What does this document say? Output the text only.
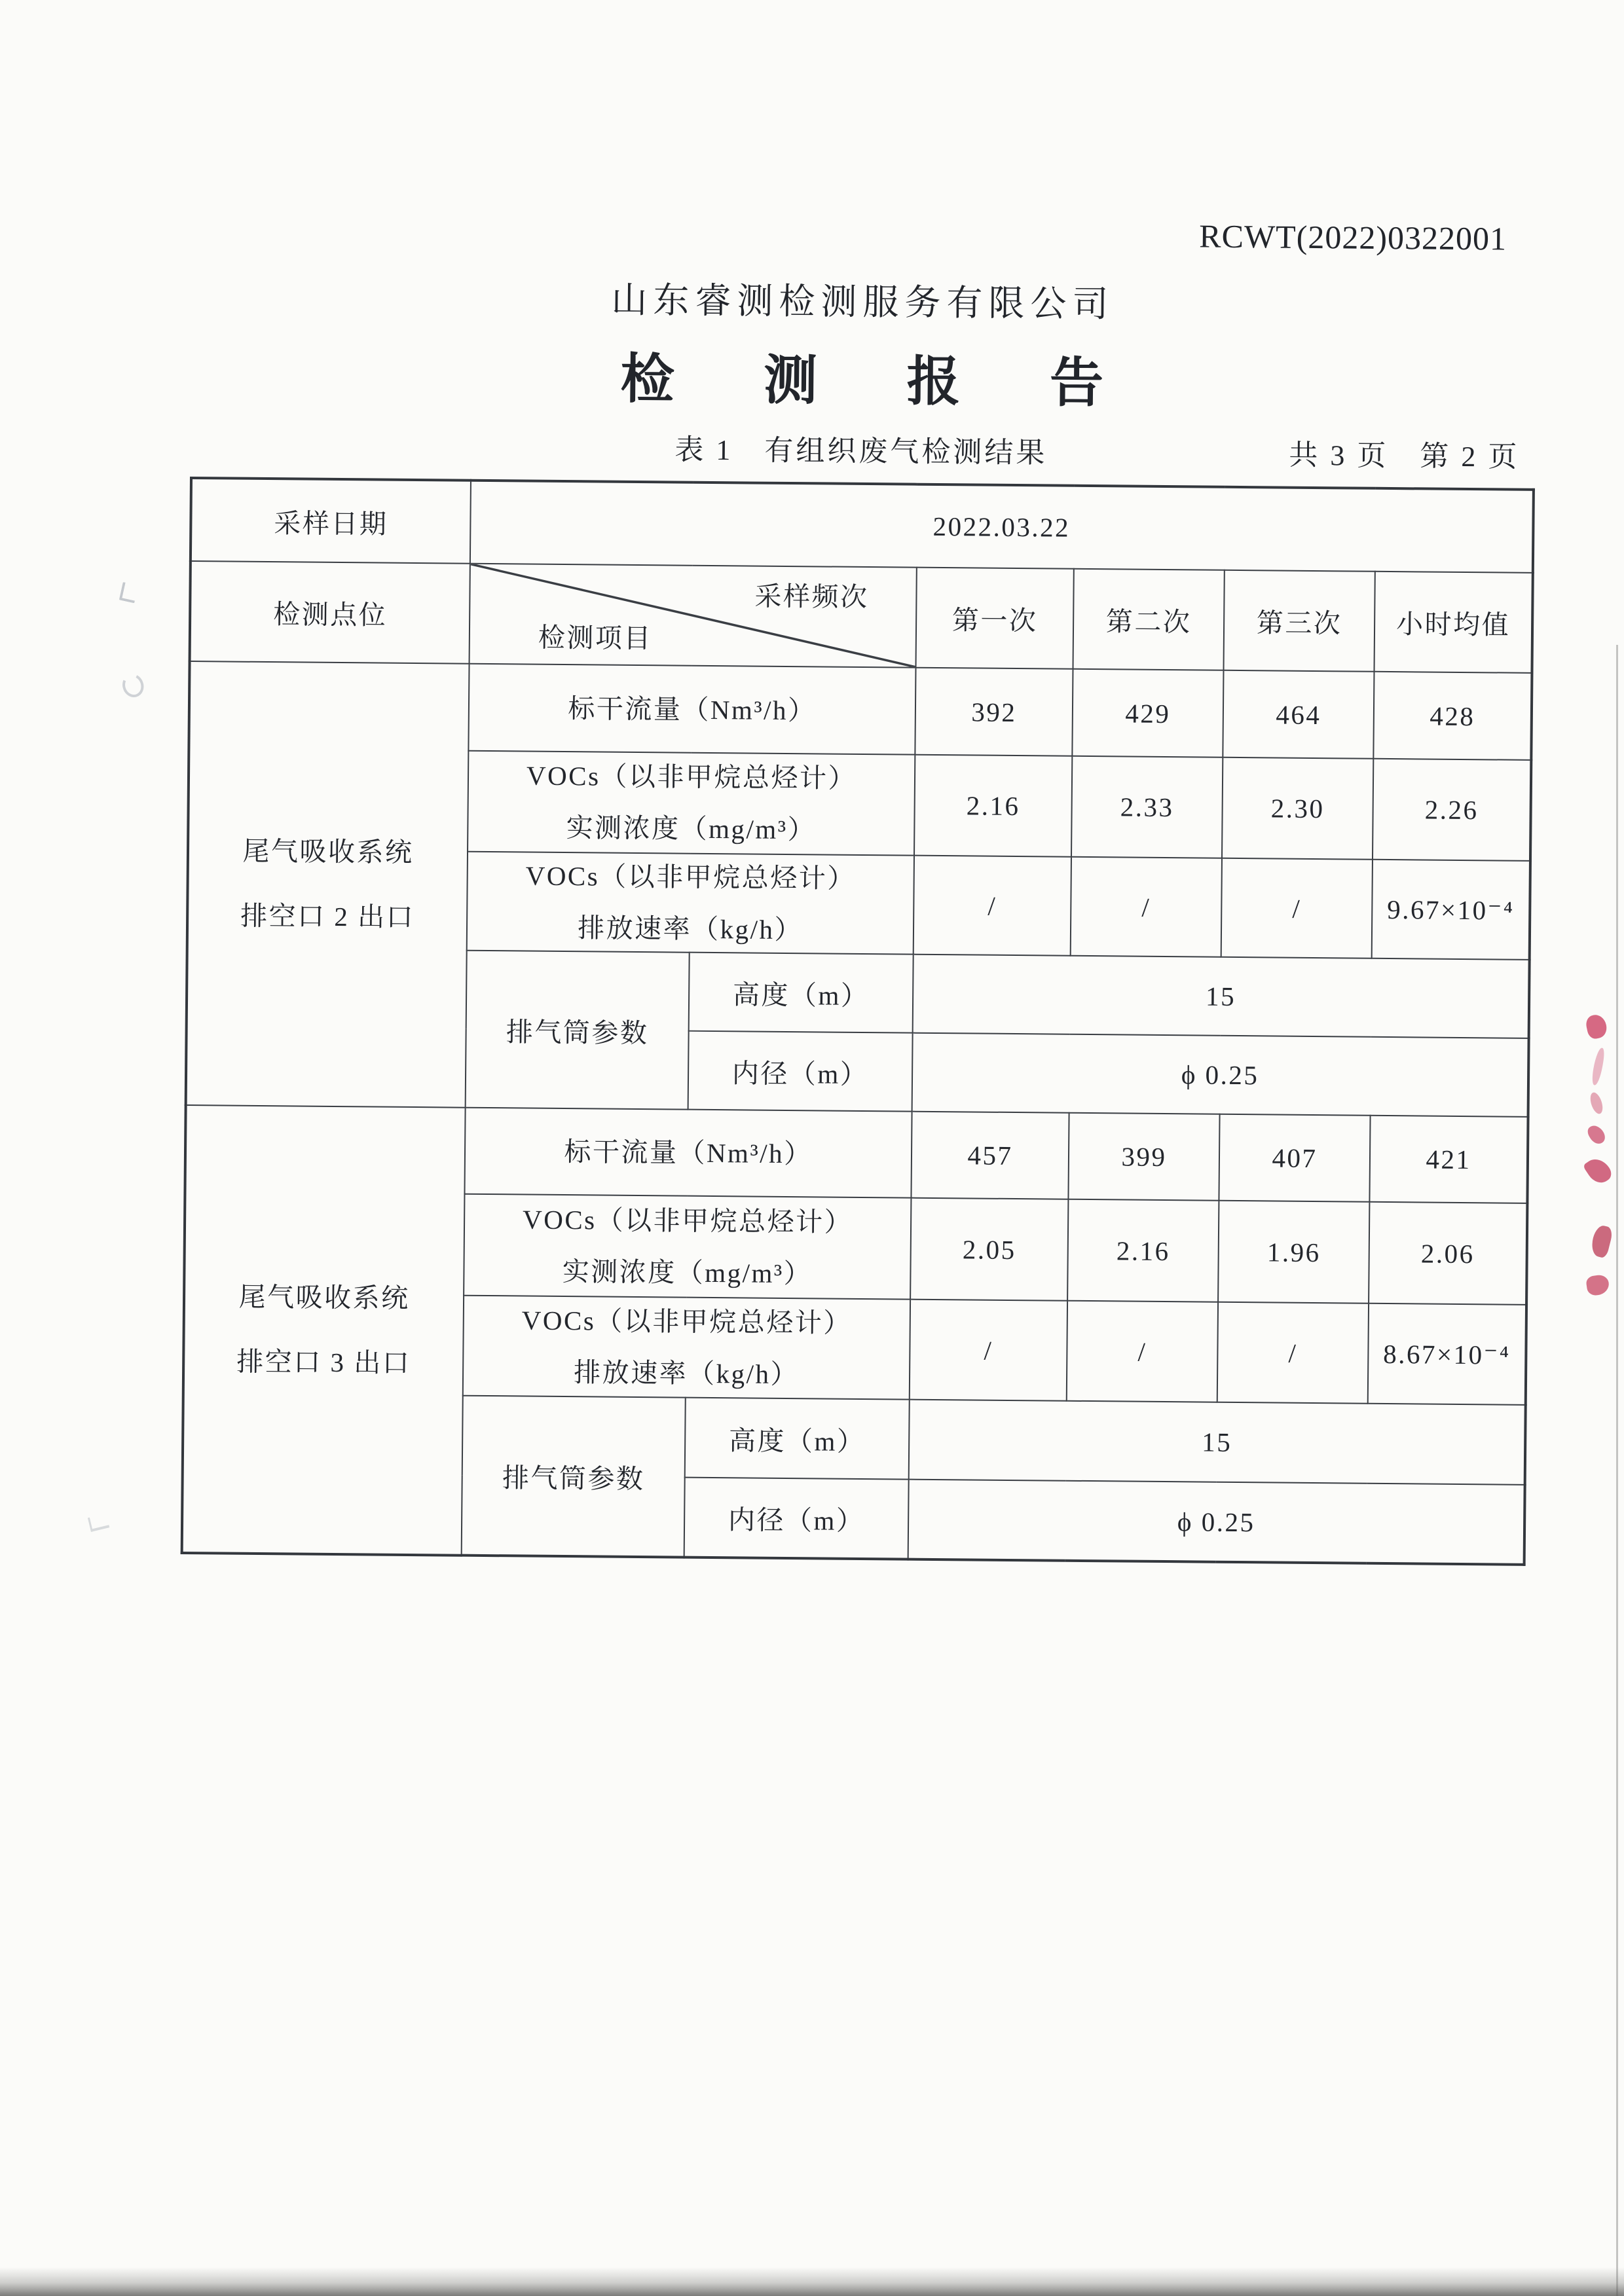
RCWT(2022)0322001
山东睿测检测服务有限公司
检 测 报 告
表 1　有组织废气检测结果	共 3 页　第 2 页
采样日期	2022.03.22					
检测点位	采样频次
检测项目		第一次	第二次	第三次	小时均值

尾气吸收系统
排空口 2 出口	标干流量（Nm³/h）		392	429	464	428

	VOCs（以非甲烷总烃计）
实测浓度（mg/m³）		2.16	2.33	2.30	2.26

	VOCs（以非甲烷总烃计）
排放速率（kg/h）		/	/	/	9.67×10⁻⁴
	排气筒参数	高度（m）	15			
		内径（m）	ϕ 0.25			

尾气吸收系统
排空口 3 出口	标干流量（Nm³/h）		457	399	407	421

	VOCs（以非甲烷总烃计）
实测浓度（mg/m³）		2.05	2.16	1.96	2.06

	VOCs（以非甲烷总烃计）
排放速率（kg/h）		/	/	/	8.67×10⁻⁴
	排气筒参数	高度（m）	15			
		内径（m）	ϕ 0.25			
